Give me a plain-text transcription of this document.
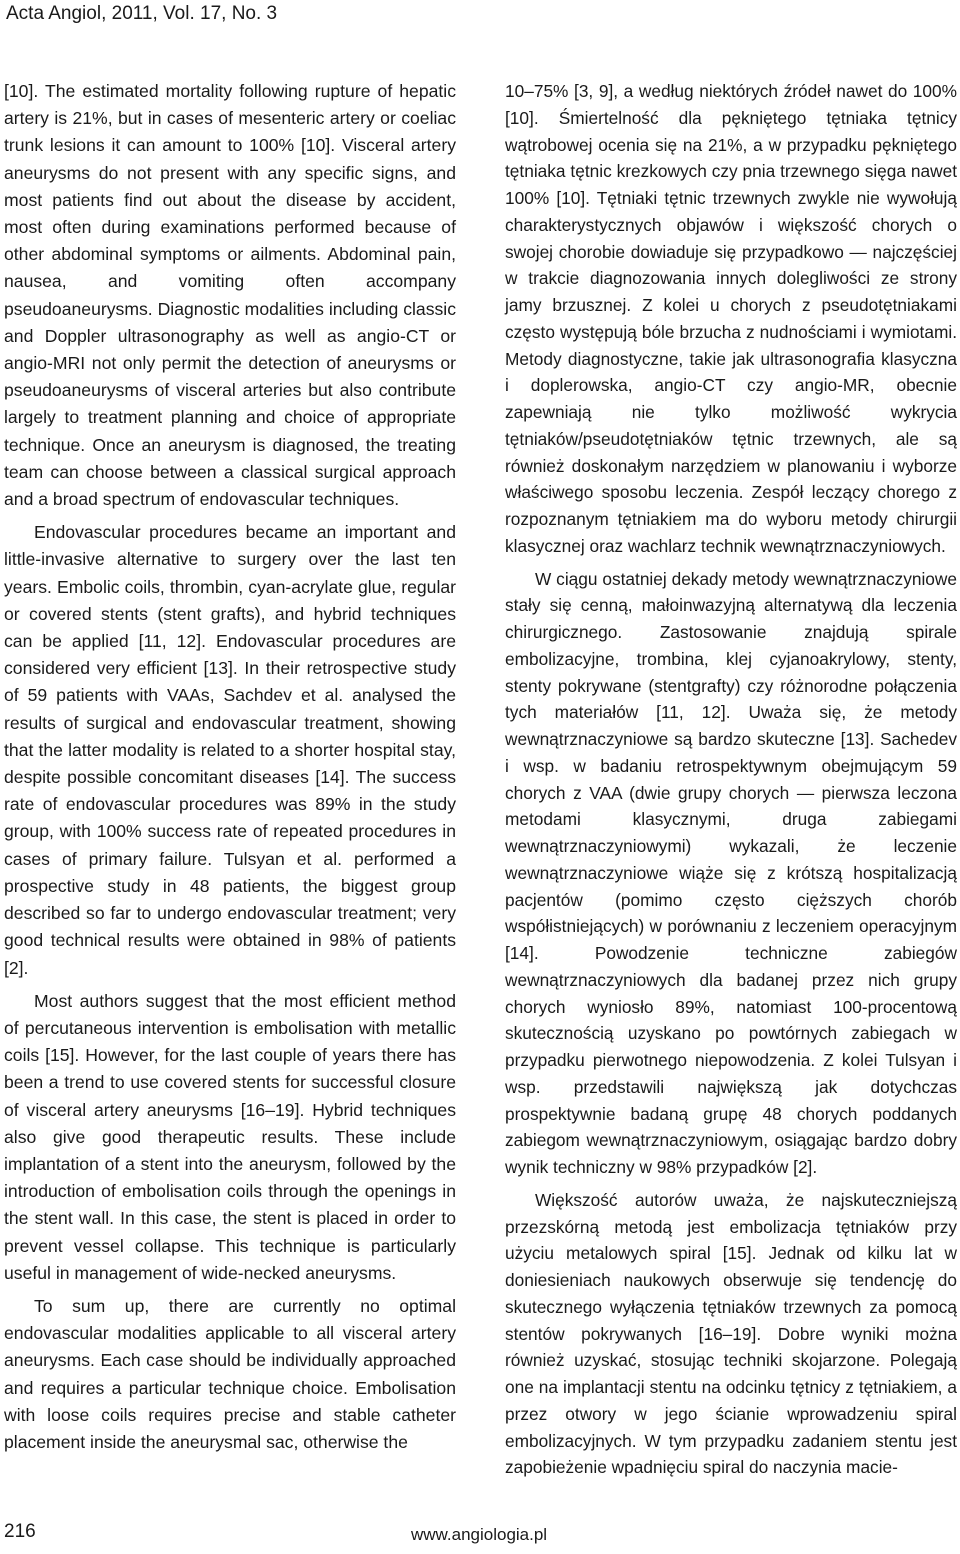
Acta Angiol, 2011, Vol. 17, No. 3

[10]. The estimated mortality following rupture of hepatic artery is 21%, but in cases of mesenteric artery or coeliac trunk lesions it can amount to 100% [10]. Visceral artery aneurysms do not present with any specific signs, and most patients find out about the disease by accident, most often during examinations performed because of other abdominal symptoms or ailments. Abdominal pain, nausea, and vomiting often accompany pseudoaneurysms. Diagnostic modalities including classic and Doppler ultrasonography as well as angio-CT or angio-MRI not only permit the detection of aneurysms or pseudoaneurysms of visceral arteries but also contribute largely to treatment planning and choice of appropriate technique. Once an aneurysm is diagnosed, the treating team can choose between a classical surgical approach and a broad spectrum of endovascular techniques.

Endovascular procedures became an important and little-invasive alternative to surgery over the last ten years. Embolic coils, thrombin, cyan-acrylate glue, regular or covered stents (stent grafts), and hybrid techniques can be applied [11, 12]. Endovascular procedures are considered very efficient [13]. In their retrospective study of 59 patients with VAAs, Sachdev et al. analysed the results of surgical and endovascular treatment, showing that the latter modality is related to a shorter hospital stay, despite possible concomitant diseases [14]. The success rate of endovascular procedures was 89% in the study group, with 100% success rate of repeated procedures in cases of primary failure. Tulsyan et al. performed a prospective study in 48 patients, the biggest group described so far to undergo endovascular treatment; very good technical results were obtained in 98% of patients [2].

Most authors suggest that the most efficient method of percutaneous intervention is embolisation with metallic coils [15]. However, for the last couple of years there has been a trend to use covered stents for successful closure of visceral artery aneurysms [16–19]. Hybrid techniques also give good therapeutic results. These include implantation of a stent into the aneurysm, followed by the introduction of embolisation coils through the openings in the stent wall. In this case, the stent is placed in order to prevent vessel collapse. This technique is particularly useful in management of wide-necked aneurysms.

To sum up, there are currently no optimal endovascular modalities applicable to all visceral artery aneurysms. Each case should be individually approached and requires a particular technique choice. Embolisation with loose coils requires precise and stable catheter placement inside the aneurysmal sac, otherwise the

10–75% [3, 9], a według niektórych źródeł nawet do 100% [10]. Śmiertelność dla pękniętego tętniaka tętnicy wątrobowej ocenia się na 21%, a w przypadku pękniętego tętniaka tętnic krezkowych czy pnia trzewnego sięga nawet 100% [10]. Tętniaki tętnic trzewnych zwykle nie wywołują charakterystycznych objawów i większość chorych o swojej chorobie dowiaduje się przypadkowo — najczęściej w trakcie diagnozowania innych dolegliwości ze strony jamy brzusznej. Z kolei u chorych z pseudotętniakami często występują bóle brzucha z nudnościami i wymiotami. Metody diagnostyczne, takie jak ultrasonografia klasyczna i doplerowska, angio-CT czy angio-MR, obecnie zapewniają nie tylko możliwość wykrycia tętniaków/pseudotętniaków tętnic trzewnych, ale są również doskonałym narzędziem w planowaniu i wyborze właściwego sposobu leczenia. Zespół leczący chorego z rozpoznanym tętniakiem ma do wyboru metody chirurgii klasycznej oraz wachlarz technik wewnątrznaczyniowych.

W ciągu ostatniej dekady metody wewnątrznaczyniowe stały się cenną, małoinwazyjną alternatywą dla leczenia chirurgicznego. Zastosowanie znajdują spirale embolizacyjne, trombina, klej cyjanoakrylowy, stenty, stenty pokrywane (stentgrafty) czy różnorodne połączenia tych materiałów [11, 12]. Uważa się, że metody wewnątrznaczyniowe są bardzo skuteczne [13]. Sachedev i wsp. w badaniu retrospektywnym obejmującym 59 chorych z VAA (dwie grupy chorych — pierwsza leczona metodami klasycznymi, druga zabiegami wewnątrznaczyniowymi) wykazali, że leczenie wewnątrznaczyniowe wiąże się z krótszą hospitalizacją pacjentów (pomimo często cięższych chorób współistniejących) w porównaniu z leczeniem operacyjnym [14]. Powodzenie techniczne zabiegów wewnątrznaczyniowych dla badanej przez nich grupy chorych wyniosło 89%, natomiast 100-procentową skutecznością uzyskano po powtórnych zabiegach w przypadku pierwotnego niepowodzenia. Z kolei Tulsyan i wsp. przedstawili największą jak dotychczas prospektywnie badaną grupę 48 chorych poddanych zabiegom wewnątrznaczyniowym, osiągając bardzo dobry wynik techniczny w 98% przypadków [2].

Większość autorów uważa, że najskuteczniejszą przezskórną metodą jest embolizacja tętniaków przy użyciu metalowych spiral [15]. Jednak od kilku lat w doniesieniach naukowych obserwuje się tendencję do skutecznego wyłączenia tętniaków trzewnych za pomocą stentów pokrywanych [16–19]. Dobre wyniki można również uzyskać, stosując techniki skojarzone. Polegają one na implantacji stentu na odcinku tętnicy z tętniakiem, a przez otwory w jego ścianie wprowadzeniu spiral embolizacyjnych. W tym przypadku zadaniem stentu jest zapobieżenie wpadnięciu spiral do naczynia macie-

216	www.angiologia.pl
